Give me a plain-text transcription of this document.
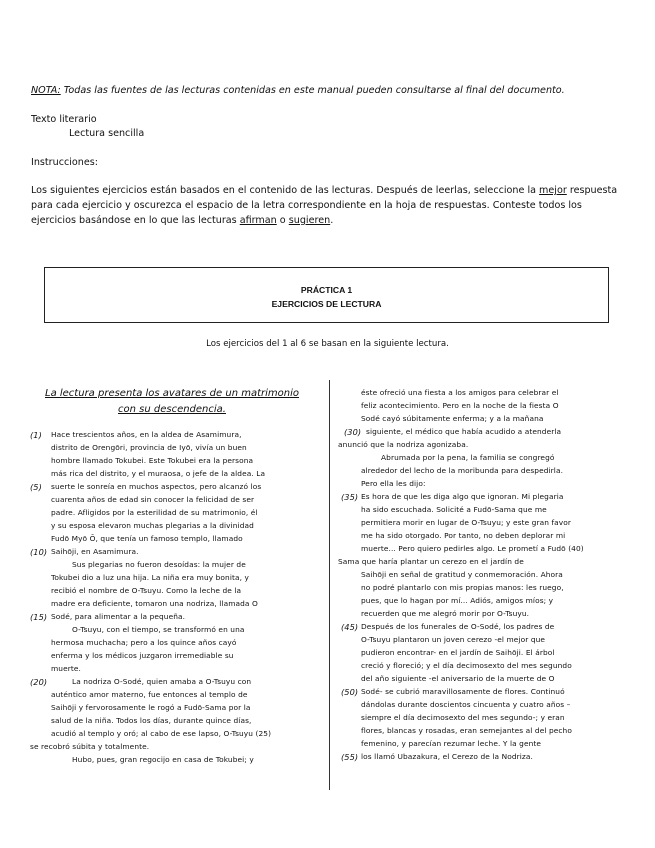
NOTA: Todas las fuentes de las lecturas contenidas en este manual pueden consultarse al final del documento.
Texto literario
Lectura sencilla
Instrucciones:
Los siguientes ejercicios están basados en el contenido de las lecturas. Después de leerlas, seleccione la mejor respuesta para cada ejercicio y oscurezca el espacio de la letra correspondiente en la hoja de respuestas. Conteste todos los ejercicios basándose en lo que las lecturas afirman o sugieren.
PRÁCTICA 1
EJERCICIOS DE LECTURA
Los ejercicios del 1 al 6 se basan en la siguiente lectura.
La lectura presenta los avatares de un matrimonio con su descendencia.
(1)
(5)
(10)
(15)
(20)
Hace trescientos años, en la aldea de Asamimura,
distrito de Orengōri, provincia de Iyō, vivía un buen
hombre llamado Tokubei. Este Tokubei era la persona
más rica del distrito, y el muraosa, o jefe de la aldea. La
suerte le sonreía en muchos aspectos, pero alcanzó los
cuarenta años de edad sin conocer la felicidad de ser
padre. Afligidos por la esterilidad de su matrimonio, él
y su esposa elevaron muchas plegarias a la divinidad
Fudō Myō Ō, que tenía un famoso templo, llamado
Saihōji, en Asamimura.
Sus plegarias no fueron desoídas: la mujer de
Tokubei dio a luz una hija. La niña era muy bonita, y
recibió el nombre de O-Tsuyu. Como la leche de la
madre era deficiente, tomaron una nodriza, llamada O
Sodé, para alimentar a la pequeña.
O-Tsuyu, con el tiempo, se transformó en una
hermosa muchacha; pero a los quince años cayó
enferma y los médicos juzgaron irremediable su
muerte.
La nodriza O-Sodé, quien amaba a O-Tsuyu con
auténtico amor materno, fue entonces al templo de
Saihōji y fervorosamente le rogó a Fudō-Sama por la
salud de la niña. Todos los días, durante quince días,
acudió al templo y oró; al cabo de ese lapso, O-Tsuyu (25)
se recobró súbita y totalmente.
Hubo, pues, gran regocijo en casa de Tokubei; y
(30)
(35)
(45)
(50)
(55)
éste ofreció una fiesta a los amigos para celebrar el
feliz acontecimiento. Pero en la noche de la fiesta O
Sodé cayó súbitamente enferma; y a la mañana
siguiente, el médico que había acudido a atenderla
anunció que la nodriza agonizaba.
Abrumada por la pena, la familia se congregó
alrededor del lecho de la moribunda para despedirla.
Pero ella les dijo:
Es hora de que les diga algo que ignoran. Mi plegaria
ha sido escuchada. Solicité a Fudō-Sama que me
permitiera morir en lugar de O-Tsuyu; y este gran favor
me ha sido otorgado. Por tanto, no deben deplorar mi
muerte... Pero quiero pedirles algo. Le prometí a Fudō (40)
Sama que haría plantar un cerezo en el jardín de
Saihōji en señal de gratitud y conmemoración. Ahora
no podré plantarlo con mis propias manos: les ruego,
pues, que lo hagan por mí... Adiós, amigos míos; y
recuerden que me alegró morir por O-Tsuyu.
Después de los funerales de O-Sodé, los padres de
O-Tsuyu plantaron un joven cerezo -el mejor que
pudieron encontrar- en el jardín de Saihōji. El árbol
creció y floreció; y el día decimosexto del mes segundo
del año siguiente -el aniversario de la muerte de O
Sodé- se cubrió maravillosamente de flores. Continuó
dándolas durante doscientos cincuenta y cuatro años –
siempre el día decimosexto del mes segundo-; y eran
flores, blancas y rosadas, eran semejantes al del pecho
femenino, y parecían rezumar leche. Y la gente
los llamó Ubazakura, el Cerezo de la Nodriza.
